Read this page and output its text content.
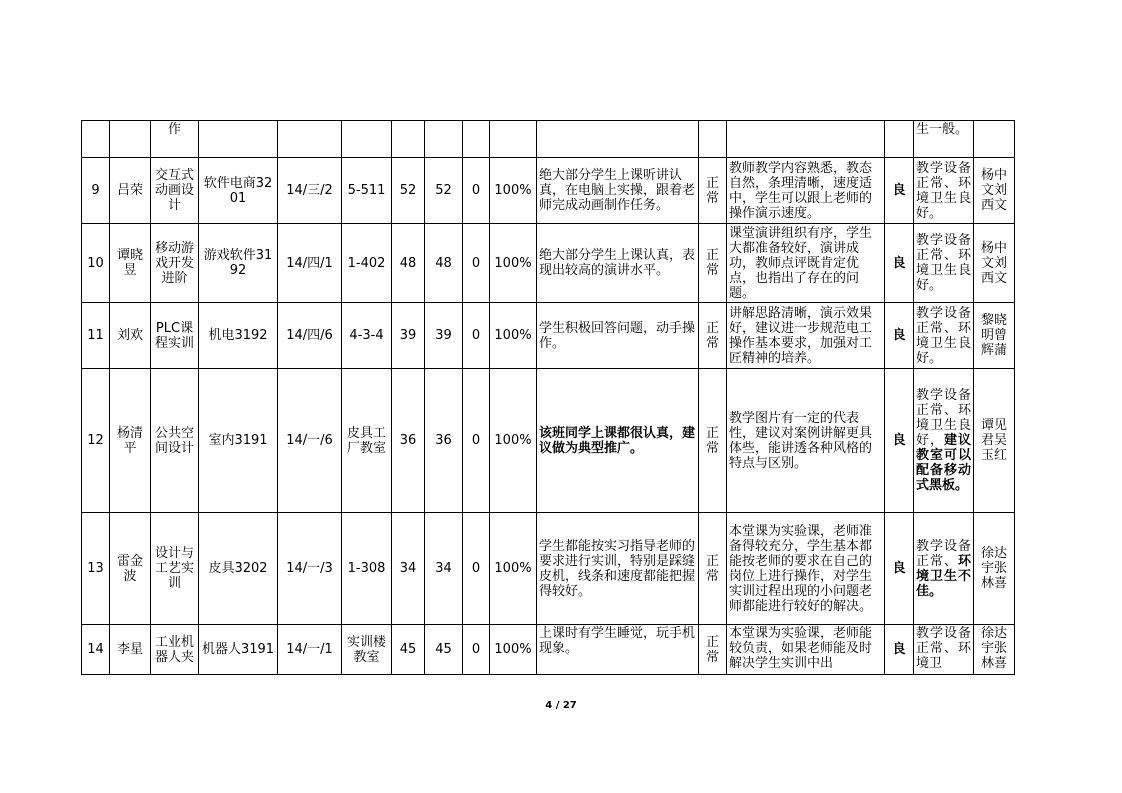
		作												生一般。	
9	吕荣	交互式动画设计	软件电商3201	14/三/2	5-511	52	52	0	100%	绝大部分学生上课听讲认真，在电脑上实操，跟着老师完成动画制作任务。	正常	教师教学内容熟悉，教态自然，条理清晰，速度适中，学生可以跟上老师的操作演示速度。	良	教学设备正常、环境卫生良好。	杨中文刘西文
10	谭晓昱	移动游戏开发进阶	游戏软件3192	14/四/1	1-402	48	48	0	100%	绝大部分学生上课认真，表现出较高的演讲水平。	正常	课堂演讲组织有序，学生大都准备较好，演讲成功，教师点评既肯定优点，也指出了存在的问题。	良	教学设备正常、环境卫生良好。	杨中文刘西文
11	刘欢	PLC课程实训	机电3192	14/四/6	4-3-4	39	39	0	100%	学生积极回答问题，动手操作。	正常	讲解思路清晰，演示效果好，建议进一步规范电工操作基本要求，加强对工匠精神的培养。	良	教学设备正常、环境卫生良好。	黎晓明曾辉蒲
12	杨清平	公共空间设计	室内3191	14/一/6	皮具工厂教室	36	36	0	100%	该班同学上课都很认真，建议做为典型推广。	正常	教学图片有一定的代表性，建议对案例讲解更具体些，能讲透各种风格的特点与区别。	良	教学设备正常、环境卫生良好，建议教室可以配备移动式黑板。	谭见君吴玉红
13	雷金波	设计与工艺实训	皮具3202	14/一/3	1-308	34	34	0	100%	学生都能按实习指导老师的要求进行实训，特别是踩缝皮机，线条和速度都能把握得较好。	正常	本堂课为实验课，老师准备得较充分，学生基本都能按老师的要求在自己的岗位上进行操作，对学生实训过程出现的小问题老师都能进行较好的解决。	良	教学设备正常、环境卫生不佳。	徐达宇张林喜
14	李星	工业机器人夹	机器人3191	14/一/1	实训楼教室	45	45	0	100%	上课时有学生睡觉，玩手机现象。	正常	本堂课为实验课，老师能较负责，如果老师能及时解决学生实训中出	良	教学设备正常、环境卫	徐达宇张林喜
4 / 27
